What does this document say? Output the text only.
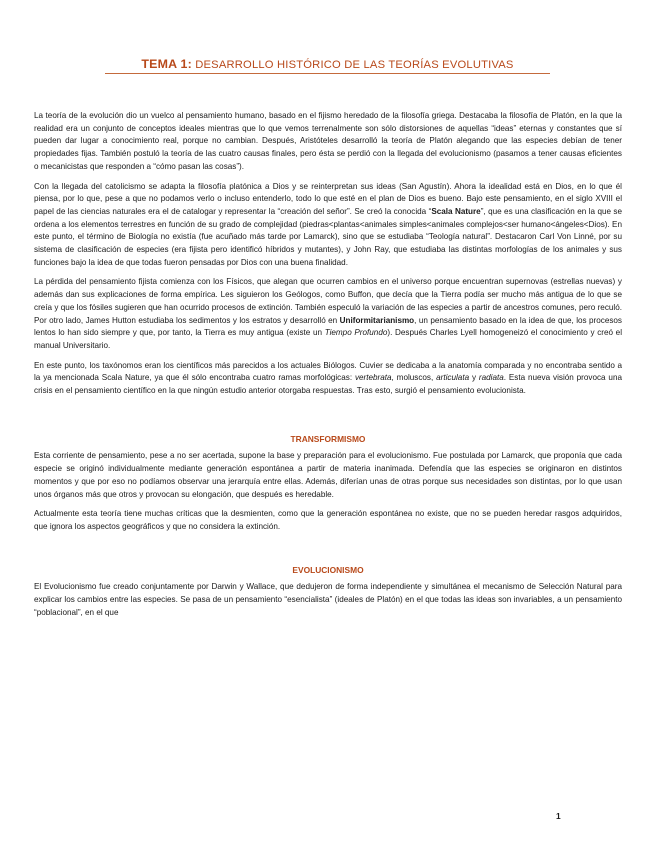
TEMA 1: DESARROLLO HISTÓRICO DE LAS TEORÍAS EVOLUTIVAS

La teoría de la evolución dio un vuelco al pensamiento humano, basado en el fijismo heredado de la filosofía griega. Destacaba la filosofía de Platón, en la que la realidad era un conjunto de conceptos ideales mientras que lo que vemos terrenalmente son sólo distorsiones de aquellas “ideas” eternas y constantes que sí pueden dar lugar a conocimiento real, porque no cambian. Después, Aristóteles desarrolló la teoría de Platón alegando que las especies debían de tener propiedades fijas. También postuló la teoría de las cuatro causas finales, pero ésta se perdió con la llegada del evolucionismo (pasamos a tener causas eficientes o mecanicistas que responden a “cómo pasan las cosas”).

Con la llegada del catolicismo se adapta la filosofía platónica a Dios y se reinterpretan sus ideas (San Agustín). Ahora la idealidad está en Dios, en lo que él piensa, por lo que, pese a que no podamos verlo o incluso entenderlo, todo lo que esté en el plan de Dios es bueno. Bajo este pensamiento, en el siglo XVIII el papel de las ciencias naturales era el de catalogar y representar la “creación del señor”. Se creó la conocida “Scala Nature”, que es una clasificación en la que se ordena a los elementos terrestres en función de su grado de complejidad (piedras<plantas<animales simples<animales complejos<ser humano<ángeles<Dios). En este punto, el término de Biología no existía (fue acuñado más tarde por Lamarck), sino que se estudiaba “Teología natural”. Destacaron Carl Von Linné, por su sistema de clasificación de especies (era fijista pero identificó híbridos y mutantes), y John Ray, que estudiaba las distintas morfologías de los animales y sus funciones bajo la idea de que todas fueron pensadas por Dios con una buena finalidad.

La pérdida del pensamiento fijista comienza con los Físicos, que alegan que ocurren cambios en el universo porque encuentran supernovas (estrellas nuevas) y además dan sus explicaciones de forma empírica. Les siguieron los Geólogos, como Buffon, que decía que la Tierra podía ser mucho más antigua de lo que se creía y que los fósiles sugieren que han ocurrido procesos de extinción. También especuló la variación de las especies a partir de ancestros comunes, pero reculó. Por otro lado, James Hutton estudiaba los sedimentos y los estratos y desarrolló en Uniformitarianismo, un pensamiento basado en la idea de que, los procesos lentos lo han sido siempre y que, por tanto, la Tierra es muy antigua (existe un Tiempo Profundo). Después Charles Lyell homogeneizó el conocimiento y creó el manual Universitario.

En este punto, los taxónomos eran los científicos más parecidos a los actuales Biólogos. Cuvier se dedicaba a la anatomía comparada y no encontraba sentido a la ya mencionada Scala Nature, ya que él sólo encontraba cuatro ramas morfológicas: vertebrata, moluscos, articulata y radiata. Esta nueva visión provoca una crisis en el pensamiento científico en la que ningún estudio anterior otorgaba respuestas. Tras esto, surgió el pensamiento evolucionista.

TRANSFORMISMO

Esta corriente de pensamiento, pese a no ser acertada, supone la base y preparación para el evolucionismo. Fue postulada por Lamarck, que proponía que cada especie se originó individualmente mediante generación espontánea a partir de materia inanimada. Defendía que las especies se originaron en distintos momentos y que por eso no podíamos observar una jerarquía entre ellas. Además, diferían unas de otras porque sus necesidades son distintas, por lo que usan unos órganos más que otros y provocan su elongación, que después es heredable.

Actualmente esta teoría tiene muchas críticas que la desmienten, como que la generación espontánea no existe, que no se pueden heredar rasgos adquiridos, que ignora los aspectos geográficos y que no considera la extinción.

EVOLUCIONISMO

El Evolucionismo fue creado conjuntamente por Darwin y Wallace, que dedujeron de forma independiente y simultánea el mecanismo de Selección Natural para explicar los cambios entre las especies. Se pasa de un pensamiento “esencialista” (ideales de Platón) en el que todas las ideas son invariables, a un pensamiento “poblacional”, en el que

1
